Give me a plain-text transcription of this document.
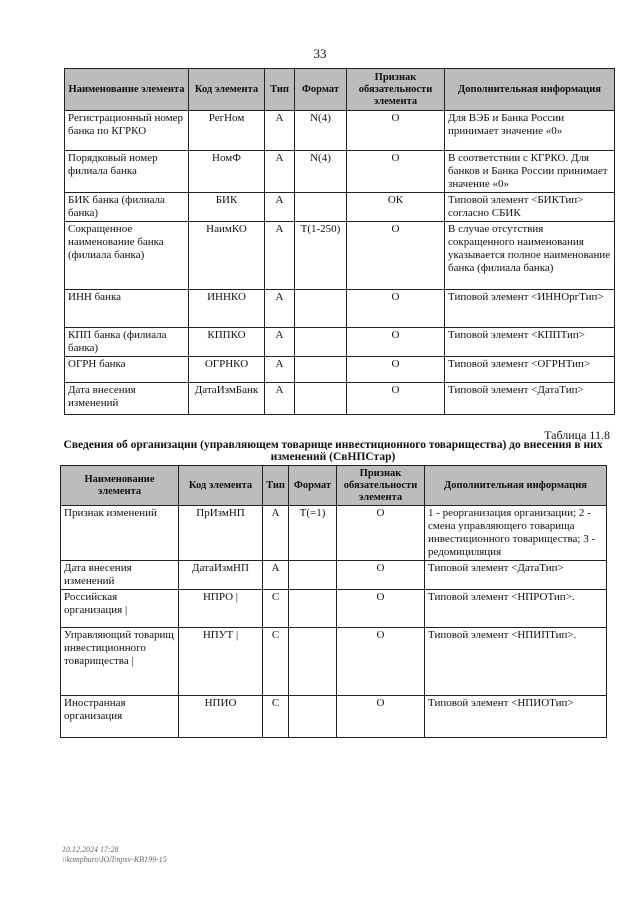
33
Наименование элемента	Код элемента	Тип	Формат	Признак обязательности элемента	Дополнительная информация
Регистрационный номер банка по КГРКО	РегНом	А	N(4)	О	Для ВЭБ и Банка России принимает значение «0»
Порядковый номер филиала банка	НомФ	А	N(4)	О	В соответствии с КГРКО. Для банков и Банка России принимает значение «0»
БИК банка (филиала банка)	БИК	А		ОК	Типовой элемент <БИКТип> согласно СБИК
Сокращенное наименование банка (филиала банка)	НаимКО	А	T(1-250)	О	В случае отсутствия сокращенного наименования указывается полное наименование банка (филиала банка)
ИНН банка	ИННКО	А		О	Типовой элемент <ИННОргТип>
КПП банка (филиала банка)	КППКО	А		О	Типовой элемент <КППТип>
ОГРН банка	ОГРНКО	А		О	Типовой элемент <ОГРНТип>
Дата внесения изменений	ДатаИзмБанк	А		О	Типовой элемент <ДатаТип>
Таблица 11.8
Сведения об организации (управляющем товарище инвестиционного товарищества) до внесения в них изменений (СвНПСтар)
Наименование элемента	Код элемента	Тип	Формат	Признак обязательности элемента	Дополнительная информация
Признак изменений	ПрИзмНП	А	T(=1)	О	1 - реорганизация организации; 2 - смена управляющего товарища инвестиционного товарищества; 3 - редомициляция
Дата внесения изменений	ДатаИзмНП	А		О	Типовой элемент <ДатаТип>
Российская организация |	НПРО |	С		О	Типовой элемент <НПРОТип>.
Управляющий товарищ инвестиционного товарищества |	НПУТ |	С		О	Типовой элемент <НПИПТип>.
Иностранная организация	НПИО	С		О	Типовой элемент <НПИОТип>
10.12.2024 17:28
\\kompburo\ЮЛ\npsv-KB199-15
